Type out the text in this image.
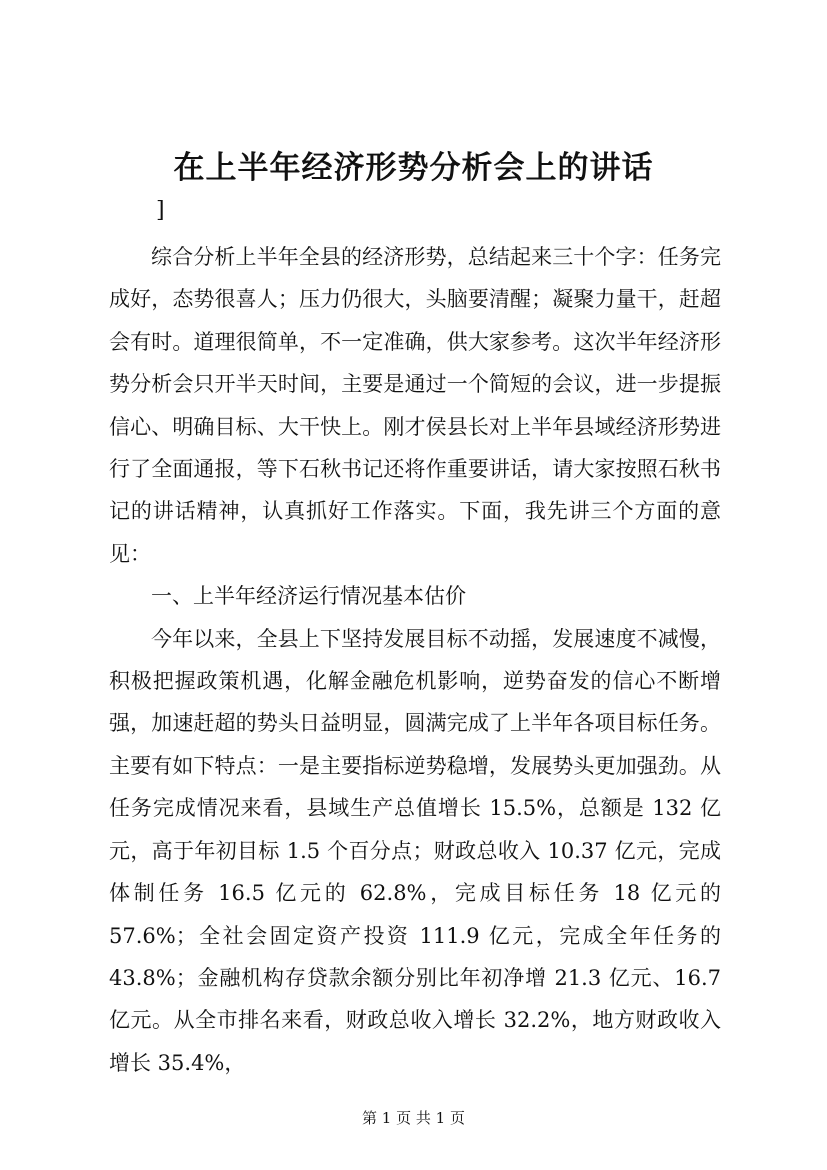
在上半年经济形势分析会上的讲话
]

综合分析上半年全县的经济形势，总结起来三十个字：任务完成好，态势很喜人；压力仍很大，头脑要清醒；凝聚力量干，赶超会有时。道理很简单，不一定准确，供大家参考。这次半年经济形势分析会只开半天时间，主要是通过一个简短的会议，进一步提振信心、明确目标、大干快上。刚才侯县长对上半年县域经济形势进行了全面通报，等下石秋书记还将作重要讲话，请大家按照石秋书记的讲话精神，认真抓好工作落实。下面，我先讲三个方面的意见：

一、上半年经济运行情况基本估价

今年以来，全县上下坚持发展目标不动摇，发展速度不减慢，积极把握政策机遇，化解金融危机影响，逆势奋发的信心不断增强，加速赶超的势头日益明显，圆满完成了上半年各项目标任务。主要有如下特点：一是主要指标逆势稳增，发展势头更加强劲。从任务完成情况来看，县域生产总值增长 15.5%，总额是 132 亿元，高于年初目标 1.5 个百分点；财政总收入 10.37 亿元，完成体制任务 16.5 亿元的 62.8%，完成目标任务 18 亿元的 57.6%；全社会固定资产投资 111.9 亿元，完成全年任务的 43.8%；金融机构存贷款余额分别比年初净增 21.3 亿元、16.7 亿元。从全市排名来看，财政总收入增长 32.2%，地方财政收入增长 35.4%，

第 1 页 共 1 页
